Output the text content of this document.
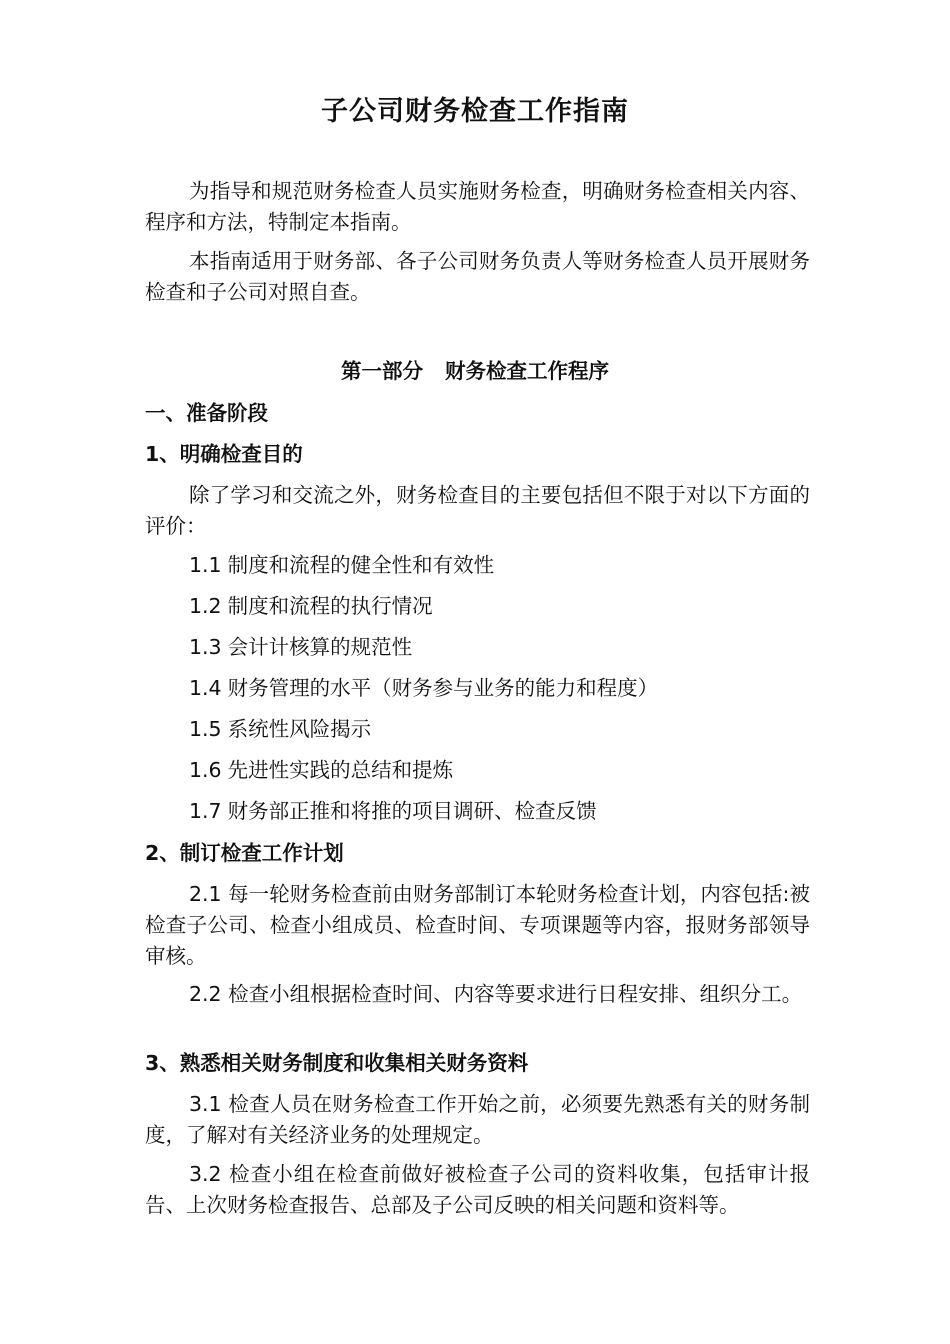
子公司财务检查工作指南

为指导和规范财务检查人员实施财务检查，明确财务检查相关内容、程序和方法，特制定本指南。

本指南适用于财务部、各子公司财务负责人等财务检查人员开展财务检查和子公司对照自查。

第一部分 财务检查工作程序
一、准备阶段
1、明确检查目的

除了学习和交流之外，财务检查目的主要包括但不限于对以下方面的评价：

1.1 制度和流程的健全性和有效性
1.2 制度和流程的执行情况
1.3 会计计核算的规范性
1.4 财务管理的水平（财务参与业务的能力和程度）
1.5 系统性风险揭示
1.6 先进性实践的总结和提炼
1.7 财务部正推和将推的项目调研、检查反馈
2、制订检查工作计划

2.1 每一轮财务检查前由财务部制订本轮财务检查计划，内容包括:被检查子公司、检查小组成员、检查时间、专项课题等内容，报财务部领导审核。

2.2 检查小组根据检查时间、内容等要求进行日程安排、组织分工。

3、熟悉相关财务制度和收集相关财务资料

3.1 检查人员在财务检查工作开始之前，必须要先熟悉有关的财务制度，了解对有关经济业务的处理规定。

3.2 检查小组在检查前做好被检查子公司的资料收集，包括审计报告、上次财务检查报告、总部及子公司反映的相关问题和资料等。
